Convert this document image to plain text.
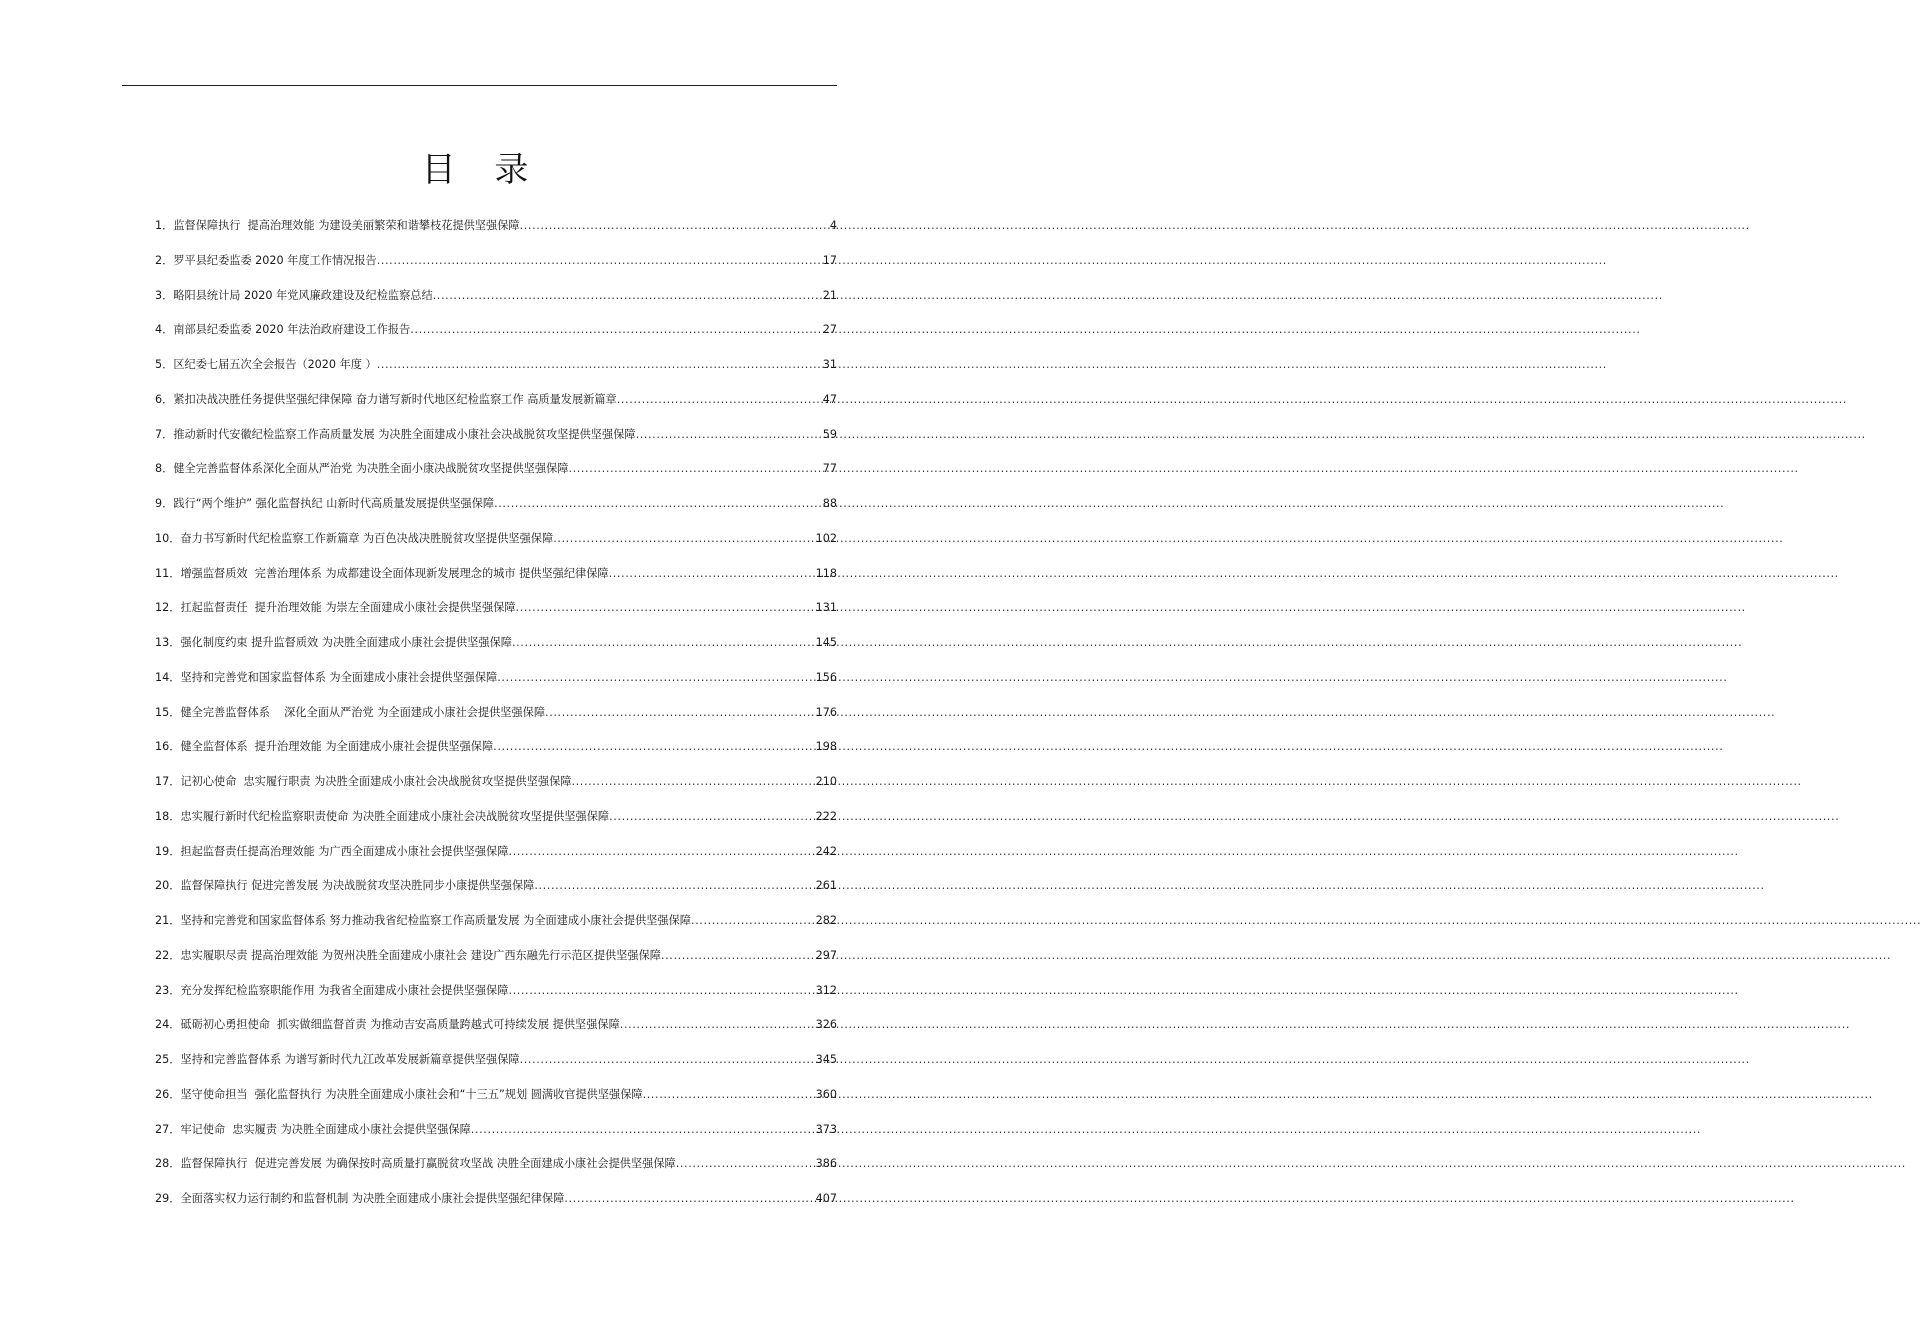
目 录
1． 监督保障执行  提高治理效能 为建设美丽繁荣和谐攀枝花提供坚强保障 .....	4
2． 罗平县纪委监委 2020 年度工作情况报告 .....	17
3． 略阳县统计局 2020 年党风廉政建设及纪检监察总结 .....	21
4． 南部县纪委监委 2020 年法治政府建设工作报告 .....	27
5． 区纪委七届五次全会报告（2020 年度 ） .....	31
6． 紧扣决战决胜任务提供坚强纪律保障 奋力谱写新时代地区纪检监察工作 高质量发展新篇章 .....	47
7． 推动新时代安徽纪检监察工作高质量发展 为决胜全面建成小康社会决战脱贫攻坚提供坚强保障 .....	59
8． 健全完善监督体系深化全面从严治党 为决胜全面小康决战脱贫攻坚提供坚强保障 .....	77
9． 践行“两个维护” 强化监督执纪 山新时代高质量发展提供坚强保障 .....	88
10． 奋力书写新时代纪检监察工作新篇章 为百色决战决胜脱贫攻坚提供坚强保障 .....	102
11． 增强监督质效  完善治理体系 为成都建设全面体现新发展理念的城市 提供坚强纪律保障 .....	118
12． 扛起监督责任  提升治理效能 为崇左全面建成小康社会提供坚强保障 .....	131
13． 强化制度约束 提升监督质效 为决胜全面建成小康社会提供坚强保障 .....	145
14． 坚持和完善党和国家监督体系 为全面建成小康社会提供坚强保障 .....	156
15． 健全完善监督体系    深化全面从严治党 为全面建成小康社会提供坚强保障 .....	176
16． 健全监督体系  提升治理效能 为全面建成小康社会提供坚强保障 .....	198
17． 记初心使命  忠实履行职责 为决胜全面建成小康社会决战脱贫攻坚提供坚强保障 .....	210
18． 忠实履行新时代纪检监察职责使命 为决胜全面建成小康社会决战脱贫攻坚提供坚强保障 .....	222
19． 担起监督责任提高治理效能 为广西全面建成小康社会提供坚强保障 .....	242
20． 监督保障执行 促进完善发展 为决战脱贫攻坚决胜同步小康提供坚强保障 .....	261
21． 坚持和完善党和国家监督体系 努力推动我省纪检监察工作高质量发展 为全面建成小康社会提供坚强保障 .....	282
22． 忠实履职尽责 提高治理效能 为贺州决胜全面建成小康社会 建设广西东融先行示范区提供坚强保障 .....	297
23． 充分发挥纪检监察职能作用 为我省全面建成小康社会提供坚强保障 .....	312
24． 砥砺初心勇担使命  抓实做细监督首责 为推动吉安高质量跨越式可持续发展 提供坚强保障 .....	326
25． 坚持和完善监督体系 为谱写新时代九江改革发展新篇章提供坚强保障 .....	345
26． 坚守使命担当  强化监督执行 为决胜全面建成小康社会和“十三五”规划 圆满收官提供坚强保障 .....	360
27． 牢记使命  忠实履责 为决胜全面建成小康社会提供坚强保障 .....	373
28． 监督保障执行  促进完善发展 为确保按时高质量打赢脱贫攻坚战 决胜全面建成小康社会提供坚强保障 .....	386
29． 全面落实权力运行制约和监督机制 为决胜全面建成小康社会提供坚强纪律保障 .....	407
